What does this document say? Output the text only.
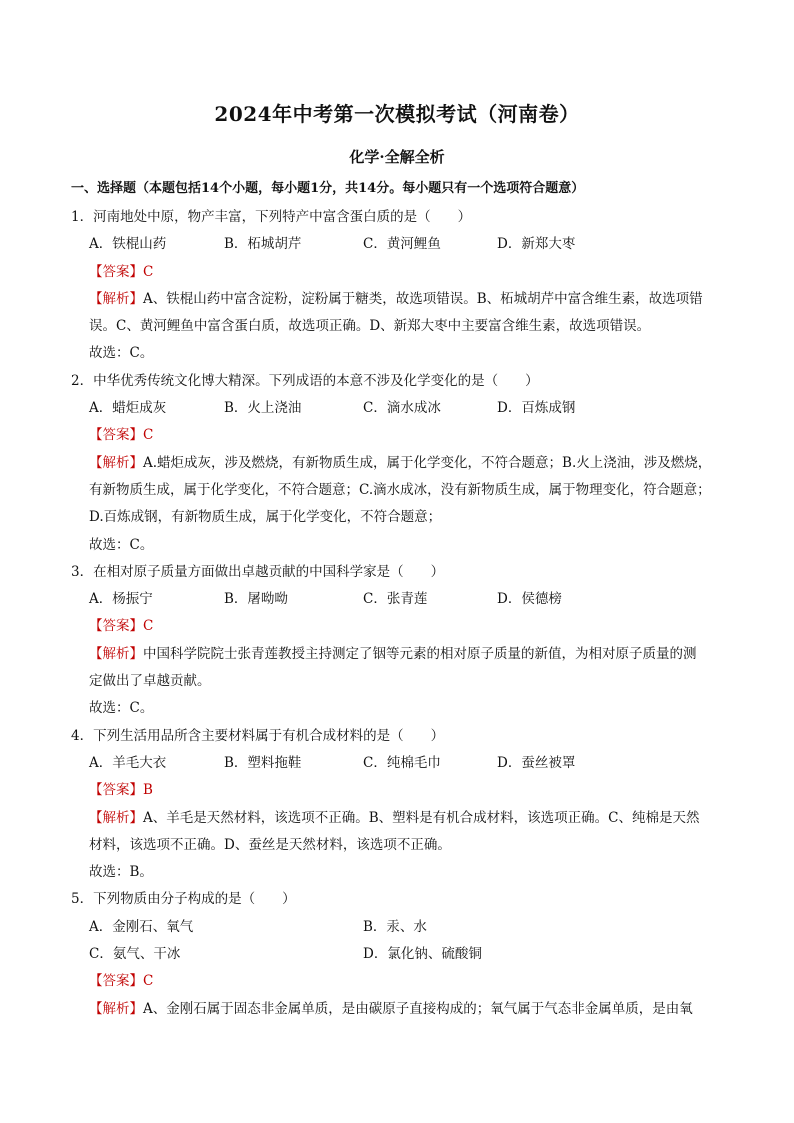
2024年中考第一次模拟考试（河南卷）
化学·全解全析
一、选择题（本题包括14个小题，每小题1分，共14分。每小题只有一个选项符合题意）
1．河南地处中原，物产丰富，下列特产中富含蛋白质的是（　　）
A．铁棍山药	B．柘城胡芹	C．黄河鲤鱼	D．新郑大枣
【答案】C
【解析】A、铁棍山药中富含淀粉，淀粉属于糖类，故选项错误。B、柘城胡芹中富含维生素，故选项错
误。C、黄河鲤鱼中富含蛋白质，故选项正确。D、新郑大枣中主要富含维生素，故选项错误。
故选：C。
2．中华优秀传统文化博大精深。下列成语的本意不涉及化学变化的是（　　）
A．蜡炬成灰	B．火上浇油	C．滴水成冰	D．百炼成钢
【答案】C
【解析】A.蜡炬成灰，涉及燃烧，有新物质生成，属于化学变化，不符合题意；B.火上浇油，涉及燃烧，
有新物质生成，属于化学变化，不符合题意；C.滴水成冰，没有新物质生成，属于物理变化，符合题意；
D.百炼成钢，有新物质生成，属于化学变化，不符合题意；
故选：C。
3．在相对原子质量方面做出卓越贡献的中国科学家是（　　）
A．杨振宁	B．屠呦呦	C．张青莲	D．侯德榜
【答案】C
【解析】中国科学院院士张青莲教授主持测定了铟等元素的相对原子质量的新值，为相对原子质量的测
定做出了卓越贡献。
故选：C。
4．下列生活用品所含主要材料属于有机合成材料的是（　　）
A．羊毛大衣	B．塑料拖鞋	C．纯棉毛巾	D．蚕丝被罩
【答案】B
【解析】A、羊毛是天然材料，该选项不正确。B、塑料是有机合成材料，该选项正确。C、纯棉是天然
材料，该选项不正确。D、蚕丝是天然材料，该选项不正确。
故选：B。
5．下列物质由分子构成的是（　　）
A．金刚石、氧气	B．汞、水
C．氨气、干冰	D．氯化钠、硫酸铜
【答案】C
【解析】A、金刚石属于固态非金属单质，是由碳原子直接构成的；氧气属于气态非金属单质，是由氧
